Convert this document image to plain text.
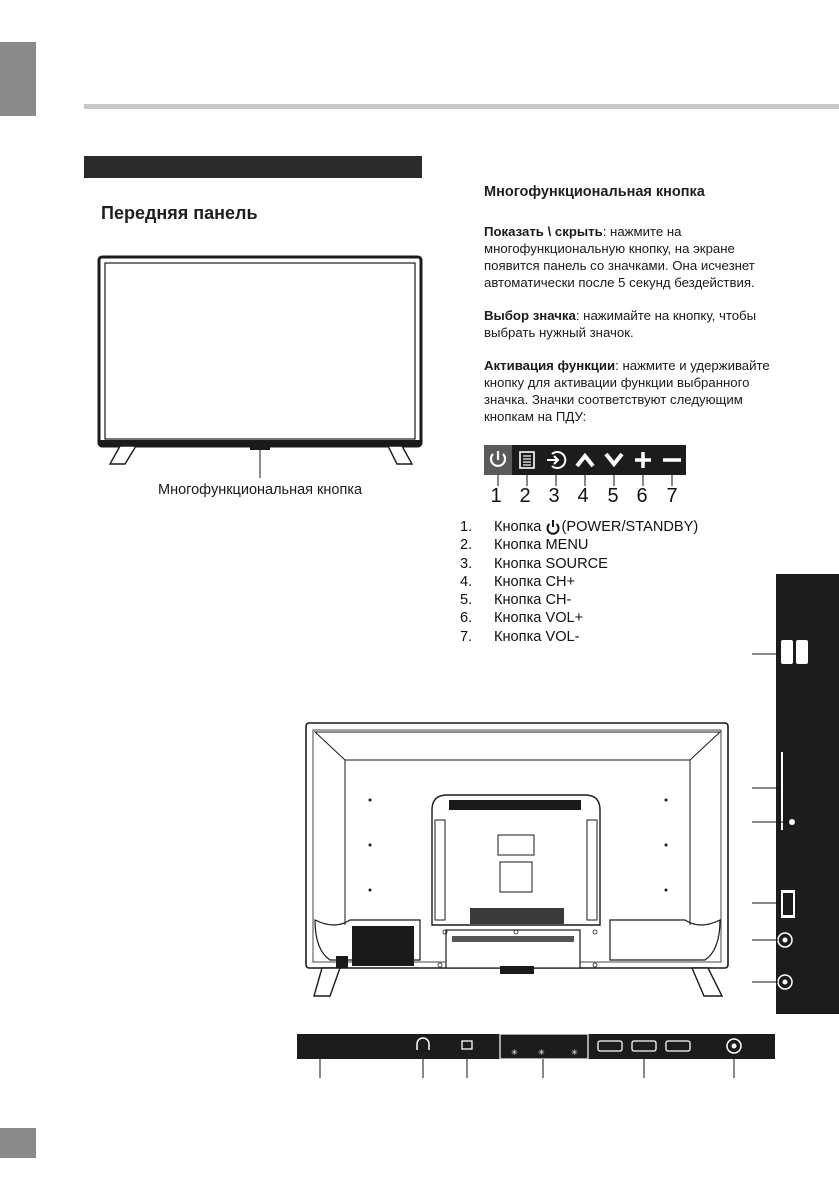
Передняя панель
Многофункциональная кнопка
Показать \ скрыть: нажмите на многофункциональную кнопку, на экране появится панель со значками. Она исчезнет автоматически после 5 секунд бездействия.
Выбор значка: нажимайте на кнопку, чтобы выбрать нужный значок.
Активация функции: нажмите и удерживайте кнопку для активации функции выбранного значка. Значки соответствуют следующим кнопкам на ПДУ:
Многофункциональная кнопка	1 2 3 4 5 6 7
1.	Кнопка
(POWER/STANDBY)
2.	Кнопка
MENU
3.	Кнопка
SOURCE
4.	Кнопка
CH+
5.	Кнопка
CH-
6.	Кнопка
VOL+
7.	Кнопка
VOL-
✳	✳	✳
